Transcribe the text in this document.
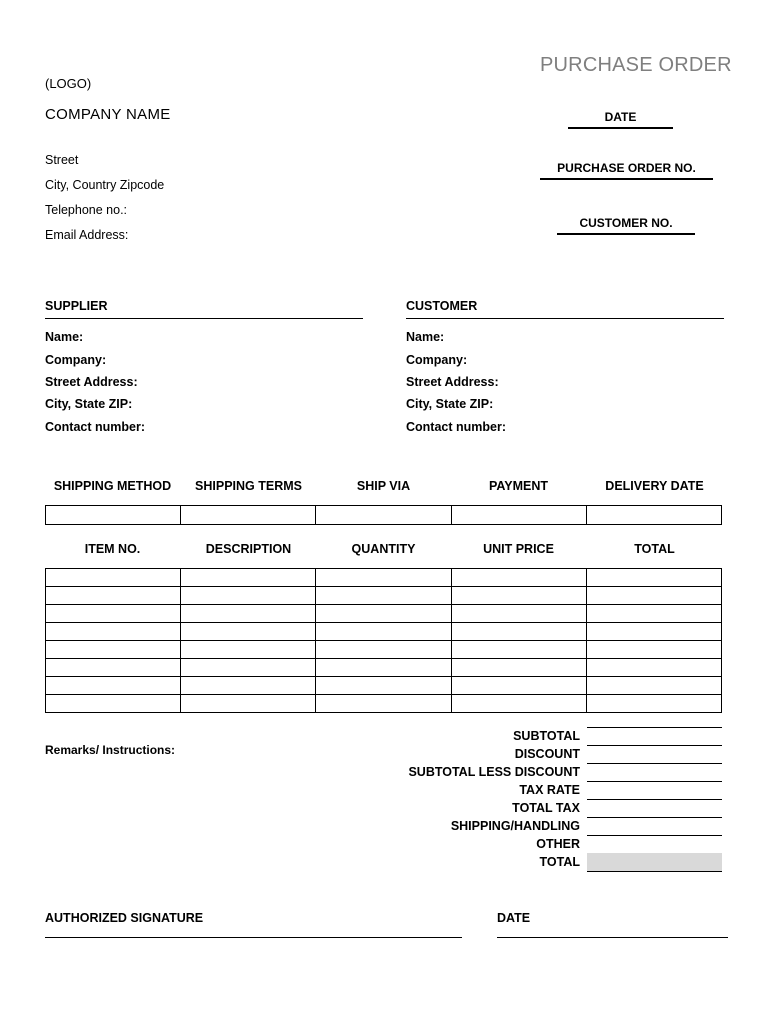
PURCHASE ORDER
(LOGO)
COMPANY NAME
Street
City, Country Zipcode
Telephone no.:
Email Address:
DATE
PURCHASE ORDER NO.
CUSTOMER NO.
SUPPLIER
Name:
Company:
Street Address:
City, State ZIP:
Contact number:
CUSTOMER
Name:
Company:
Street Address:
City, State ZIP:
Contact number:
SHIPPING METHOD	SHIPPING TERMS	SHIP VIA	PAYMENT	DELIVERY DATE

ITEM NO.	DESCRIPTION	QUANTITY	UNIT PRICE	TOTAL

Remarks/ Instructions:
SUBTOTAL
DISCOUNT
SUBTOTAL LESS DISCOUNT
TAX RATE
TOTAL TAX
SHIPPING/HANDLING
OTHER
TOTAL
AUTHORIZED SIGNATURE	DATE
